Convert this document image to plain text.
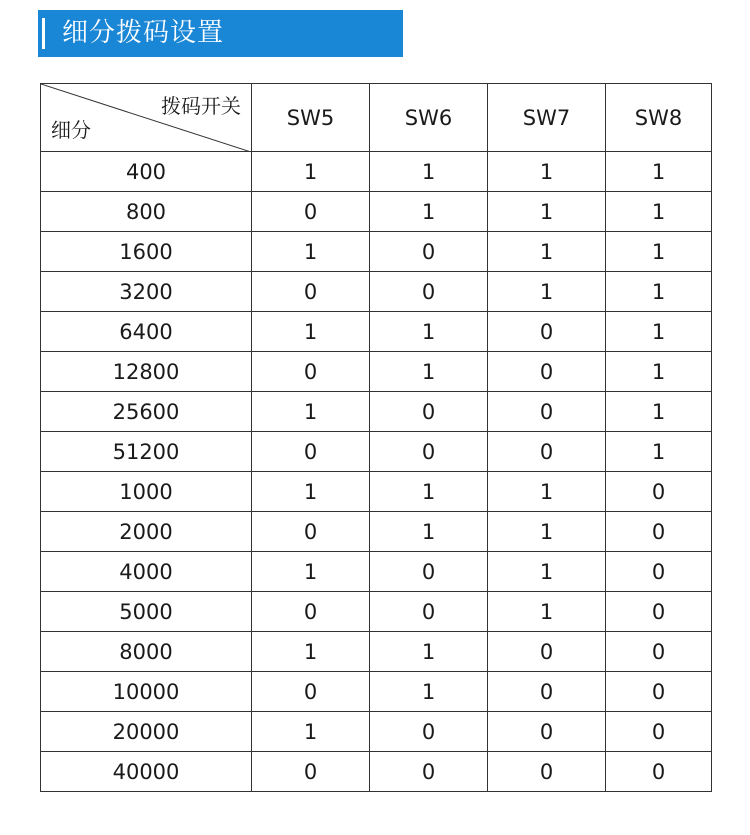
细分拨码设置
拨码开关
细分	SW5	SW6	SW7	SW8
400	1	1	1	1
800	0	1	1	1
1600	1	0	1	1
3200	0	0	1	1
6400	1	1	0	1
12800	0	1	0	1
25600	1	0	0	1
51200	0	0	0	1
1000	1	1	1	0
2000	0	1	1	0
4000	1	0	1	0
5000	0	0	1	0
8000	1	1	0	0
10000	0	1	0	0
20000	1	0	0	0
40000	0	0	0	0
